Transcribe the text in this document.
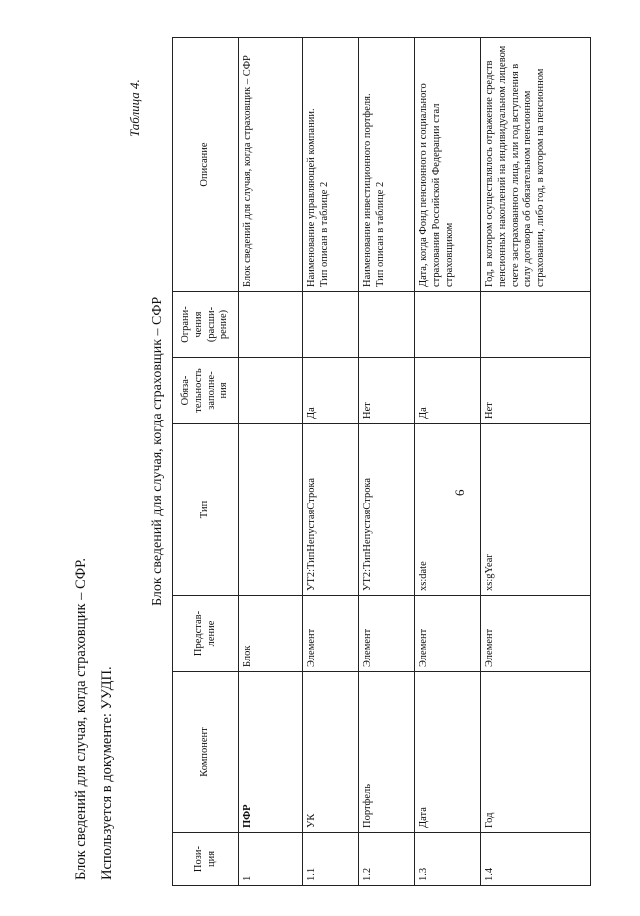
6
Блок сведений для случая, когда страховщик – СФР. Используется в документе: УУДП.
Таблица 4.
Блок сведений для случая, когда страховщик – СФР
Пози-
ция	Компонент	Представ-
ление	Тип	Обяза-
тельность
заполне-
ния	Ограни-
чения
(расши-
рение)	Описание
1	ПФР	Блок				Блок сведений для случая, когда страховщик – СФР
1.1	УК	Элемент	УТ2:ТипНепустаяСтрока	Да		Наименование управляющей компании.
Тип описан в таблице 2
1.2	Портфель	Элемент	УТ2:ТипНепустаяСтрока	Нет		Наименование инвестиционного портфеля.
Тип описан в таблице 2
1.3	Дата	Элемент	xs:date	Да		Дата, когда Фонд пенсионного и социального страхования Российской Федерации стал страховщиком
1.4	Год	Элемент	xs:gYear	Нет		Год, в котором осуществлялось отражение средств пенсионных накоплений на индивидуальном лицевом счете застрахованного лица, или год вступления в силу договора об обязательном пенсионном страховании, либо год, в котором на пенсионном
